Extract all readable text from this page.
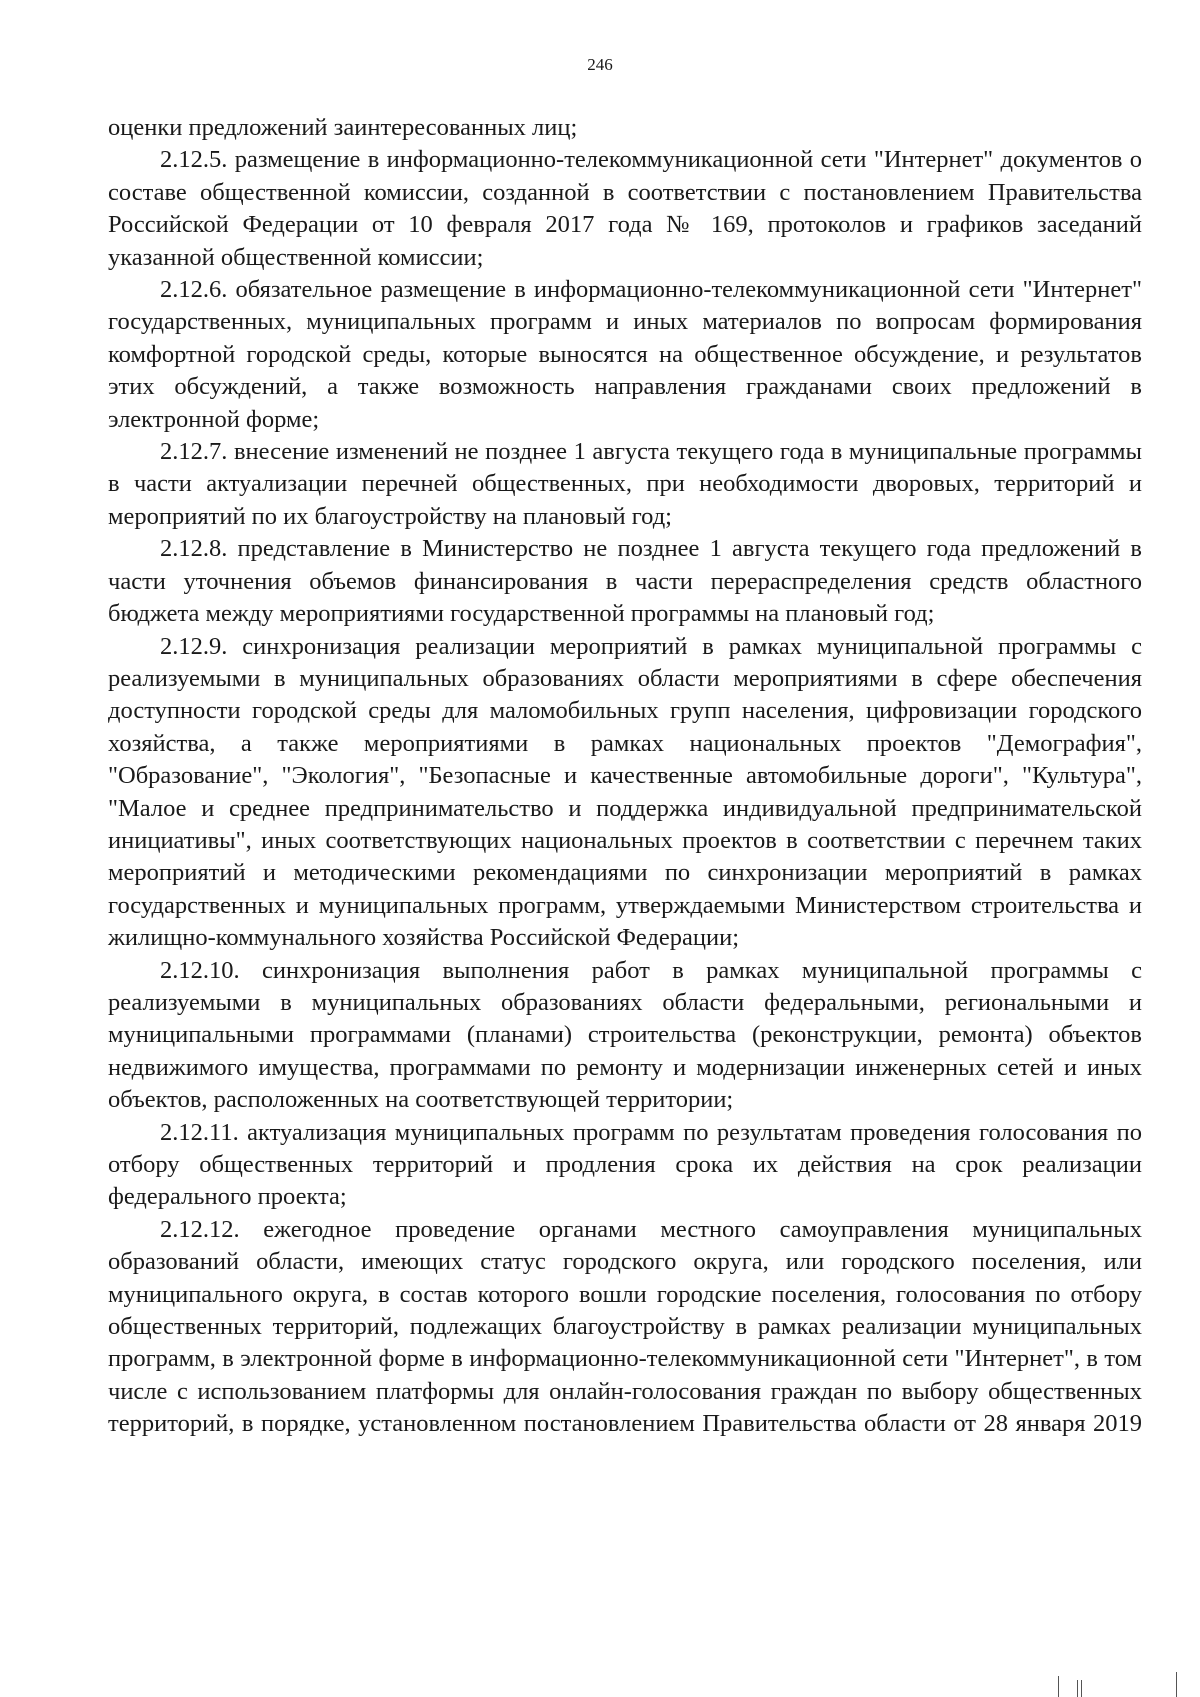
246

оценки предложений заинтересованных лиц;

2.12.5. размещение в информационно-телекоммуникационной сети "Интернет" документов о составе общественной комиссии, созданной в соответствии с постановлением Правительства Российской Федерации от 10 февраля 2017 года № 169, протоколов и графиков заседаний указанной общественной комиссии;

2.12.6. обязательное размещение в информационно-телекоммуникационной сети "Интернет" государственных, муниципальных программ и иных материалов по вопросам формирования комфортной городской среды, которые выносятся на общественное обсуждение, и результатов этих обсуждений, а также возможность направления гражданами своих предложений в электронной форме;

2.12.7. внесение изменений не позднее 1 августа текущего года в муниципальные программы в части актуализации перечней общественных, при необходимости дворовых, территорий и мероприятий по их благоустройству на плановый год;

2.12.8. представление в Министерство не позднее 1 августа текущего года предложений в части уточнения объемов финансирования в части перераспределения средств областного бюджета между мероприятиями государственной программы на плановый год;

2.12.9. синхронизация реализации мероприятий в рамках муниципальной программы с реализуемыми в муниципальных образованиях области мероприятиями в сфере обеспечения доступности городской среды для маломобильных групп населения, цифровизации городского хозяйства, а также мероприятиями в рамках национальных проектов "Демография", "Образование", "Экология", "Безопасные и качественные автомобильные дороги", "Культура", "Малое и среднее предпринимательство и поддержка индивидуальной предпринимательской инициативы", иных соответствующих национальных проектов в соответствии с перечнем таких мероприятий и методическими рекомендациями по синхронизации мероприятий в рамках государственных и муниципальных программ, утверждаемыми Министерством строительства и жилищно-коммунального хозяйства Российской Федерации;

2.12.10. синхронизация выполнения работ в рамках муниципальной программы с реализуемыми в муниципальных образованиях области федеральными, региональными и муниципальными программами (планами) строительства (реконструкции, ремонта) объектов недвижимого имущества, программами по ремонту и модернизации инженерных сетей и иных объектов, расположенных на соответствующей территории;

2.12.11. актуализация муниципальных программ по результатам проведения голосования по отбору общественных территорий и продления срока их действия на срок реализации федерального проекта;

2.12.12. ежегодное проведение органами местного самоуправления муниципальных образований области, имеющих статус городского округа, или городского поселения, или муниципального округа, в состав которого вошли городские поселения, голосования по отбору общественных территорий, подлежащих благоустройству в рамках реализации муниципальных программ, в электронной форме в информационно-телекоммуникационной сети "Интернет", в том числе с использованием платформы для онлайн-голосования граждан по выбору общественных территорий, в порядке, установленном постановлением Правительства области от 28 января 2019
